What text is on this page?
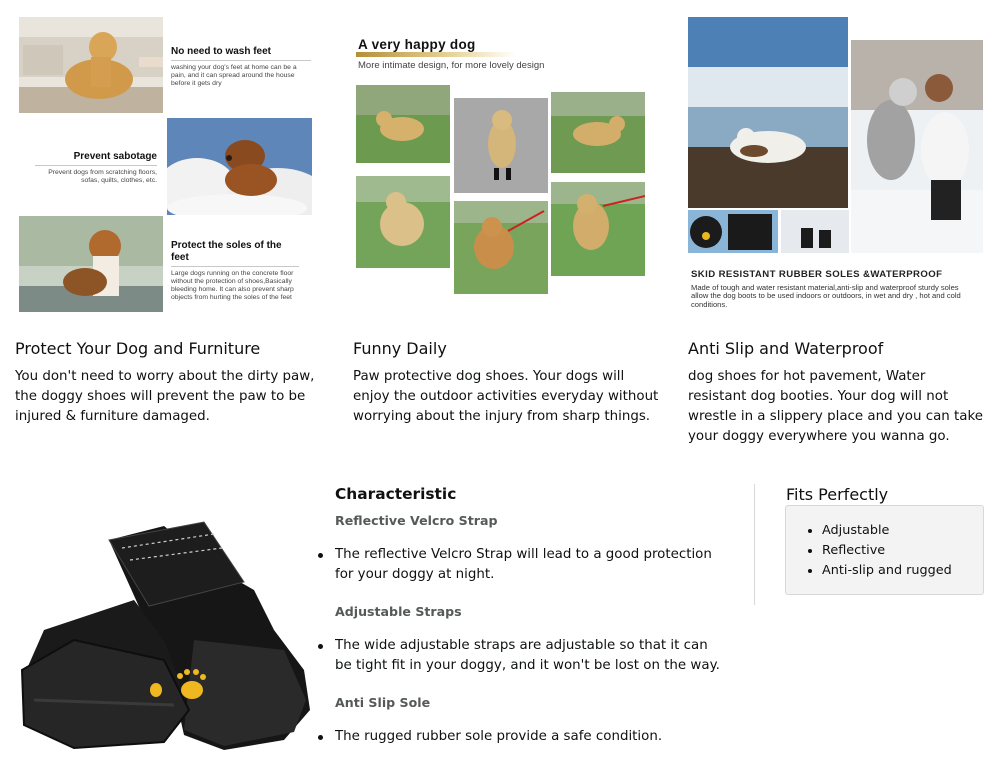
No need to wash feet
washing your dog's feet at home can be a pain, and it can spread around the house before it gets dry
Prevent sabotage
Prevent dogs from scratching floors, sofas, quilts, clothes, etc.
Protect the soles of the feet
Large dogs running on the concrete floor without the protection of shoes,Basically bleeding home. It can also prevent sharp objects from hurting the soles of the feet
A very happy dog
More intimate design, for more lovely design
SKID RESISTANT RUBBER SOLES &WATERPROOF
Made of tough and water resistant material,anti-slip and waterproof sturdy soles allow the dog boots to be used indoors or outdoors, in wet and dry , hot and cold conditions.
Protect Your Dog and Furniture
You don't need to worry about the dirty paw, the doggy shoes will prevent the paw to be injured & furniture damaged.
Funny Daily
Paw protective dog shoes. Your dogs will enjoy the outdoor activities everyday without worrying about the injury from sharp things.
Anti Slip and Waterproof
dog shoes for hot pavement, Water resistant dog booties. Your dog will not wrestle in a slippery place and you can take your doggy everywhere you wanna go.
Characteristic
Reflective Velcro Strap
The reflective Velcro Strap will lead to a good protection for your doggy at night.
Adjustable Straps
The wide adjustable straps are adjustable so that it can be tight fit in your doggy, and it won't be lost on the way.
Anti Slip Sole
The rugged rubber sole provide a safe condition.
Fits Perfectly
Adjustable
Reflective
Anti-slip and rugged
